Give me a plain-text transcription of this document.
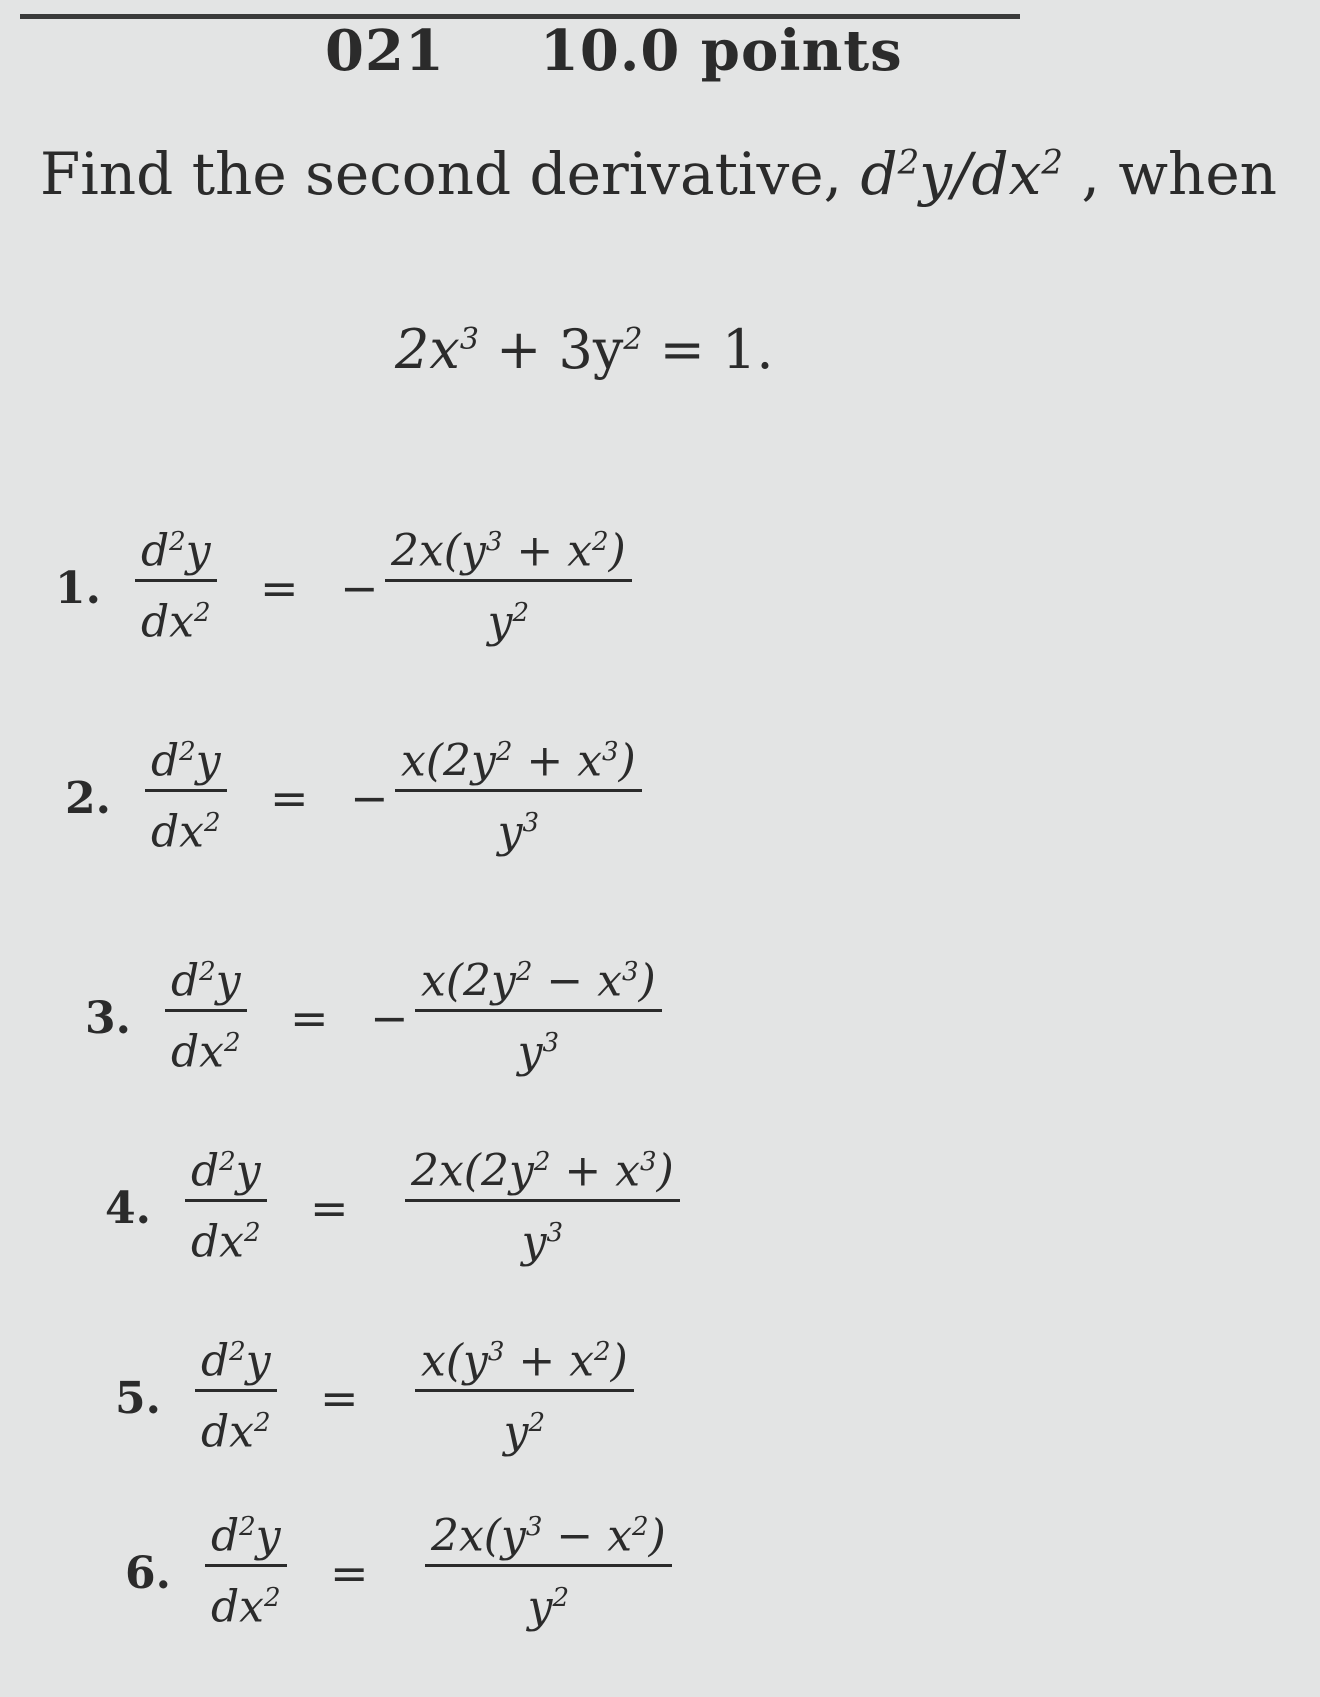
021 10.0 points
Find the second derivative, $d^2y/dx^2$ , when
$2x^3 + 3y^2 = 1$.
1. $\frac{d^2y}{dx^2}$ = − $\frac{2x(y^3 + x^2)}{y^2}$
2. $\frac{d^2y}{dx^2}$ = − $\frac{x(2y^2 + x^3)}{y^3}$
3. $\frac{d^2y}{dx^2}$ = − $\frac{x(2y^2 - x^3)}{y^3}$
4. $\frac{d^2y}{dx^2} = \frac{2x(2y^2 + x^3)}{y^3}$
5. $\frac{d^2y}{dx^2} = \frac{x(y^3 + x^2)}{y^2}$
6. $\frac{d^2y}{dx^2} = \frac{2x(y^3 - x^2)}{y^2}$
